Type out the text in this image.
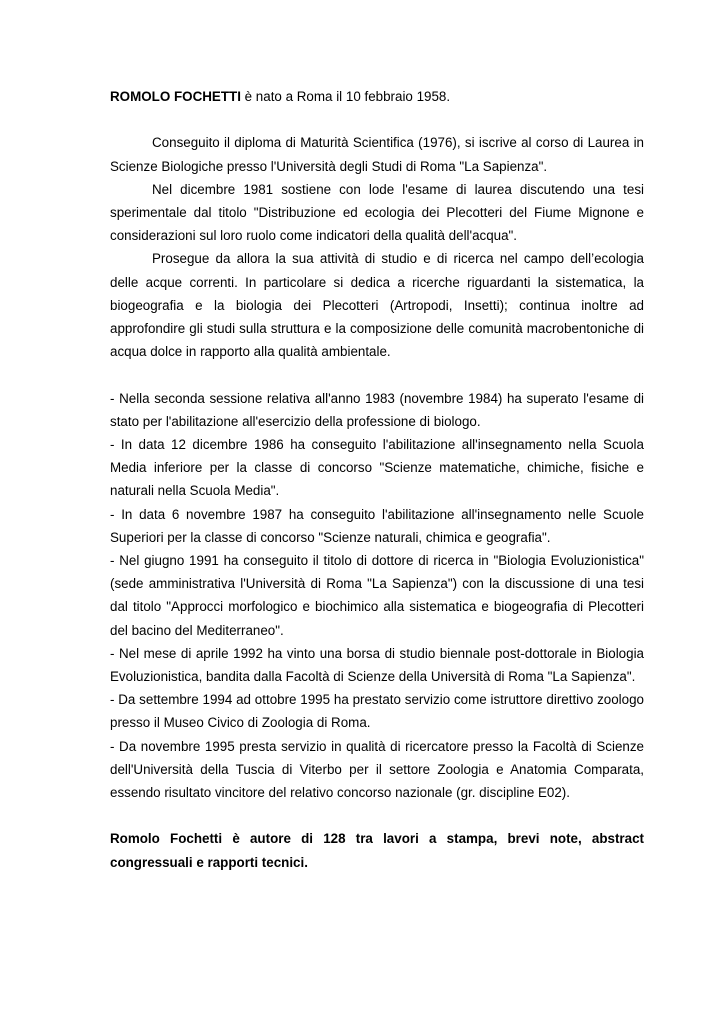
ROMOLO FOCHETTI è nato a Roma il 10 febbraio 1958.

Conseguito il diploma di Maturità Scientifica (1976), si iscrive al corso di Laurea in Scienze Biologiche presso l'Università degli Studi di Roma "La Sapienza".

Nel dicembre 1981 sostiene con lode l'esame di laurea discutendo una tesi sperimentale dal titolo "Distribuzione ed ecologia dei Plecotteri del Fiume Mignone e considerazioni sul loro ruolo come indicatori della qualità dell'acqua".

Prosegue da allora la sua attività di studio e di ricerca nel campo dell’ecologia delle acque correnti. In particolare si dedica a ricerche riguardanti la sistematica, la biogeografia e la biologia dei Plecotteri (Artropodi, Insetti); continua inoltre ad approfondire gli studi sulla struttura e la composizione delle comunità macrobentoniche di acqua dolce in rapporto alla qualità ambientale.

- Nella seconda sessione relativa all'anno 1983 (novembre 1984) ha superato l'esame di stato per l'abilitazione all'esercizio della professione di biologo.

- In data 12 dicembre 1986 ha conseguito l'abilitazione all'insegnamento nella Scuola Media inferiore per la classe di concorso "Scienze matematiche, chimiche, fisiche e naturali nella Scuola Media".

- In data 6 novembre 1987 ha conseguito l'abilitazione all'insegnamento nelle Scuole Superiori per la classe di concorso "Scienze naturali, chimica e geografia".

- Nel giugno 1991 ha conseguito il titolo di dottore di ricerca in "Biologia Evoluzionistica" (sede amministrativa l'Università di Roma "La Sapienza") con la discussione di una tesi dal titolo "Approcci morfologico e biochimico alla sistematica e biogeografia di Plecotteri del bacino del Mediterraneo".

- Nel mese di aprile 1992 ha vinto una borsa di studio biennale post-dottorale in Biologia Evoluzionistica, bandita dalla Facoltà di Scienze della Università di Roma "La Sapienza".

- Da settembre 1994 ad ottobre 1995 ha prestato servizio come istruttore direttivo zoologo presso il Museo Civico di Zoologia di Roma.

- Da novembre 1995 presta servizio in qualità di ricercatore presso la Facoltà di Scienze dell'Università della Tuscia di Viterbo per il settore Zoologia e Anatomia Comparata, essendo risultato vincitore del relativo concorso nazionale (gr. discipline E02).

Romolo Fochetti è autore di 128 tra lavori a stampa, brevi note, abstract congressuali e rapporti tecnici.
